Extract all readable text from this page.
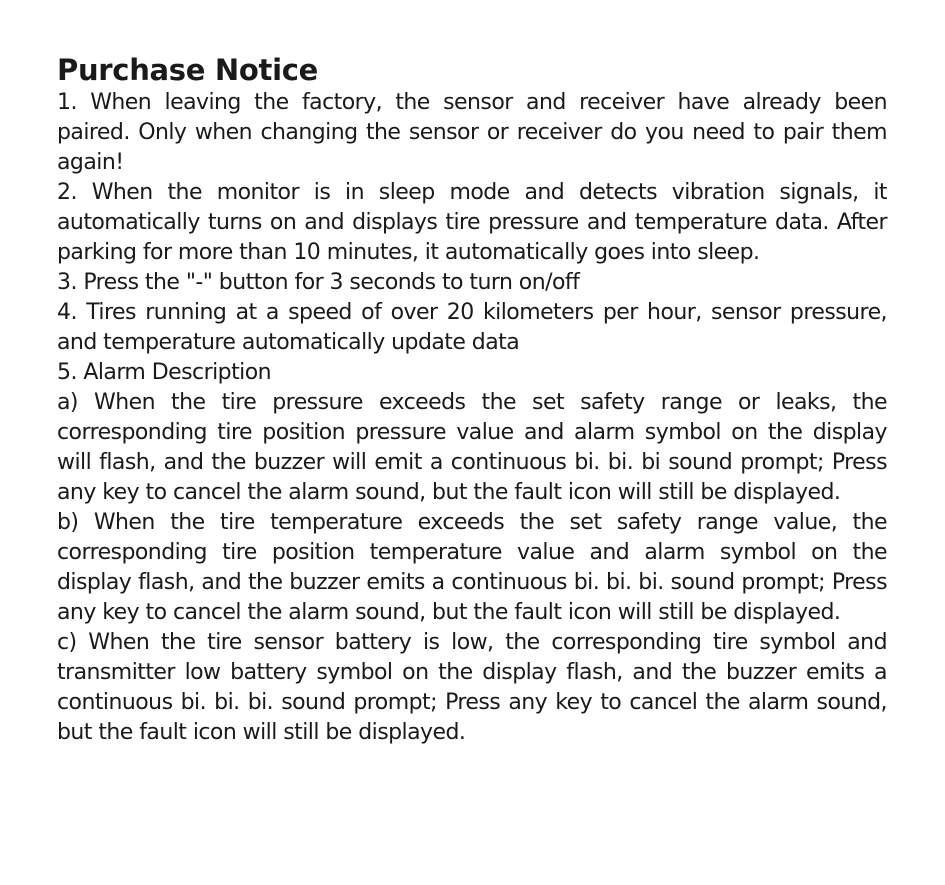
Purchase Notice

1. When leaving the factory, the sensor and receiver have already been paired. Only when changing the sensor or receiver do you need to pair them again!

2. When the monitor is in sleep mode and detects vibration signals, it automatically turns on and displays tire pressure and temperature data. After parking for more than 10 minutes, it automatically goes into sleep.

3. Press the "-" button for 3 seconds to turn on/off

4. Tires running at a speed of over 20 kilometers per hour, sensor pressure, and temperature automatically update data

5. Alarm Description

a) When the tire pressure exceeds the set safety range or leaks, the corresponding tire position pressure value and alarm symbol on the display will flash, and the buzzer will emit a continuous bi. bi. bi sound prompt; Press any key to cancel the alarm sound, but the fault icon will still be displayed.

b) When the tire temperature exceeds the set safety range value, the corresponding tire position temperature value and alarm symbol on the display flash, and the buzzer emits a continuous bi. bi. bi. sound prompt; Press any key to cancel the alarm sound, but the fault icon will still be displayed.

c) When the tire sensor battery is low, the corresponding tire symbol and transmitter low battery symbol on the display flash, and the buzzer emits a continuous bi. bi. bi. sound prompt; Press any key to cancel the alarm sound, but the fault icon will still be displayed.
